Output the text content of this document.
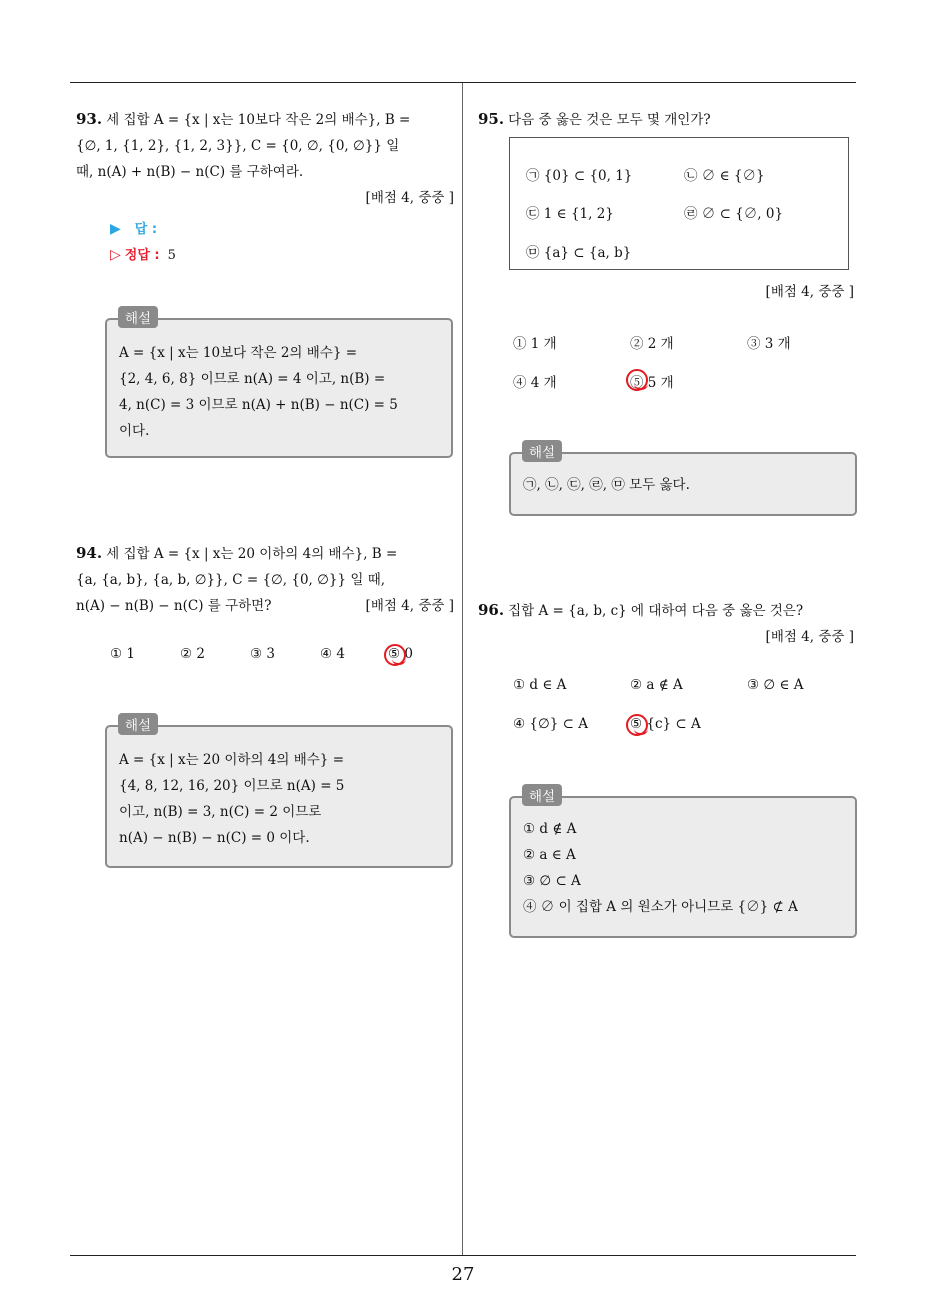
93. 세 집합 A = {x | x는 10보다 작은 2의 배수}, B =
{∅, 1, {1, 2}, {1, 2, 3}}, C = {0, ∅, {0, ∅}} 일
때, n(A) + n(B) − n(C) 를 구하여라.
[배점 4, 중중 ]
▶ 답 :
▷ 정답 : 5
A = {x | x는 10보다 작은 2의 배수} =
{2, 4, 6, 8} 이므로 n(A) = 4 이고, n(B) =
4, n(C) = 3 이므로 n(A) + n(B) − n(C) = 5
이다.
해설
94. 세 집합 A = {x | x는 20 이하의 4의 배수}, B =
{a, {a, b}, {a, b, ∅}}, C = {∅, {0, ∅}} 일 때,
n(A) − n(B) − n(C) 를 구하면?	[배점 4, 중중 ]
① 1	② 2	③ 3	④ 4	⑤ 0
A = {x | x는 20 이하의 4의 배수} =
{4, 8, 12, 16, 20} 이므로 n(A) = 5
이고, n(B) = 3, n(C) = 2 이므로
n(A) − n(B) − n(C) = 0 이다.
해설
95. 다음 중 옳은 것은 모두 몇 개인가?
㉠ {0} ⊂ {0, 1}	㉡ ∅ ∈ {∅}
㉢ 1 ∈ {1, 2}	㉣ ∅ ⊂ {∅, 0}
㉤ {a} ⊂ {a, b}
[배점 4, 중중 ]
① 1 개	② 2 개	③ 3 개
④ 4 개	⑤ 5 개
㉠, ㉡, ㉢, ㉣, ㉤ 모두 옳다.
해설
96. 집합 A = {a, b, c} 에 대하여 다음 중 옳은 것은?
[배점 4, 중중 ]
① d ∈ A	② a ∉ A	③ ∅ ∈ A
④ {∅} ⊂ A	⑤ {c} ⊂ A
① d ∉ A
② a ∈ A
③ ∅ ⊂ A
④ ∅ 이 집합 A 의 원소가 아니므로 {∅} ⊄ A
해설
27
